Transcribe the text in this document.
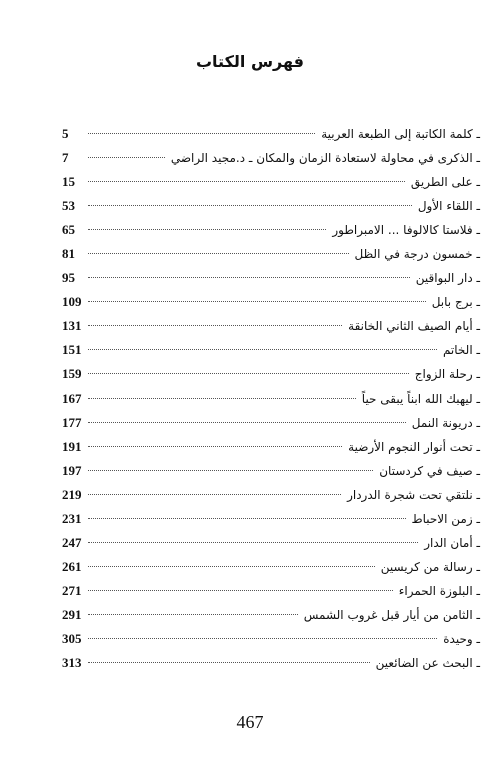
فهرس الكتاب
ـ كلمة الكاتبة إلى الطبعة العربية
5
ـ الذكرى في محاولة لاستعادة الزمان والمكان ـ د.مجيد الراضي
7
ـ على الطريق
15
ـ اللقاء الأول
53
ـ فلاستا كالالوفا ... الامبراطور
65
ـ خمسون درجة في الظل
81
ـ دار البواقين
95
ـ برج بابل
109
ـ أيام الصيف الثاني الخانقة
131
ـ الخاتم
151
ـ رحلة الزواج
159
ـ ليهبك الله ابناً يبقى حياً
167
ـ دريونة النمل
177
ـ تحت أنوار النجوم الأرضية
191
ـ صيف في كردستان
197
ـ نلتقي تحت شجرة الدردار
219
ـ زمن الاحباط
231
ـ أمان الدار
247
ـ رسالة من كريسين
261
ـ البلوزة الحمراء
271
ـ الثامن من أيار قبل غروب الشمس
291
ـ وحيدة
305
ـ البحث عن الضائعين
313
467
